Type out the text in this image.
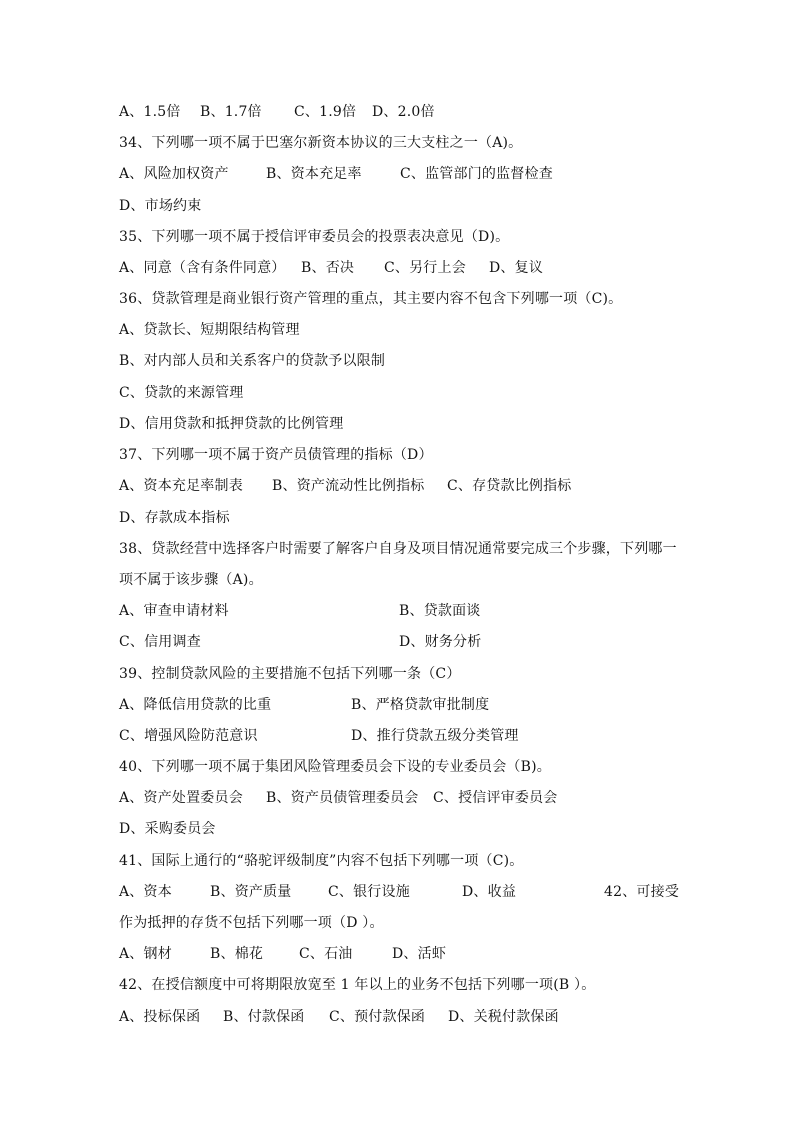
A、1.5倍

B、1.7倍

C、1.9倍

D、2.0倍

34、下列哪一项不属于巴塞尔新资本协议的三大支柱之一（A)。

A、风险加权资产

	B、资本充足率

	C、监管部门的监督检查

D、市场约束

35、下列哪一项不属于授信评审委员会的投票表决意见（D)。

A、同意（含有条件同意）

B、否决

C、另行上会

D、复议

36、贷款管理是商业银行资产管理的重点，其主要内容不包含下列哪一项（C)。

A、贷款长、短期限结构管理

B、对内部人员和关系客户的贷款予以限制

C、贷款的来源管理

D、信用贷款和抵押贷款的比例管理

37、下列哪一项不属于资产员债管理的指标（D）

A、资本充足率制表

B、资产流动性比例指标

C、存贷款比例指标

D、存款成本指标

38、贷款经营中选择客户时需要了解客户自身及项目情况通常要完成三个步骤，下列哪一

项不属于该步骤（A)。

A、审查申请材料

	B、贷款面谈

C、信用调查

	D、财务分析

39、控制贷款风险的主要措施不包括下列哪一条（C）

A、降低信用贷款的比重

	B、严格贷款审批制度

C、增强风险防范意识

	D、推行贷款五级分类管理

40、下列哪一项不属于集团风险管理委员会下设的专业委员会（B)。

A、资产处置委员会

B、资产员债管理委员会

C、授信评审委员会

D、采购委员会

41、国际上通行的“骆驼评级制度”内容不包括下列哪一项（C)。

A、资本

	B、资产质量

	C、银行设施

	D、收益

	42、可接受

作为抵押的存货不包括下列哪一项（D ）。

A、钢材

	B、棉花

	C、石油

	D、活虾

42、在授信额度中可将期限放宽至 1 年以上的业务不包括下列哪一项(B ）。

A、投标保函

B、付款保函

C、预付款保函

D、关税付款保函
